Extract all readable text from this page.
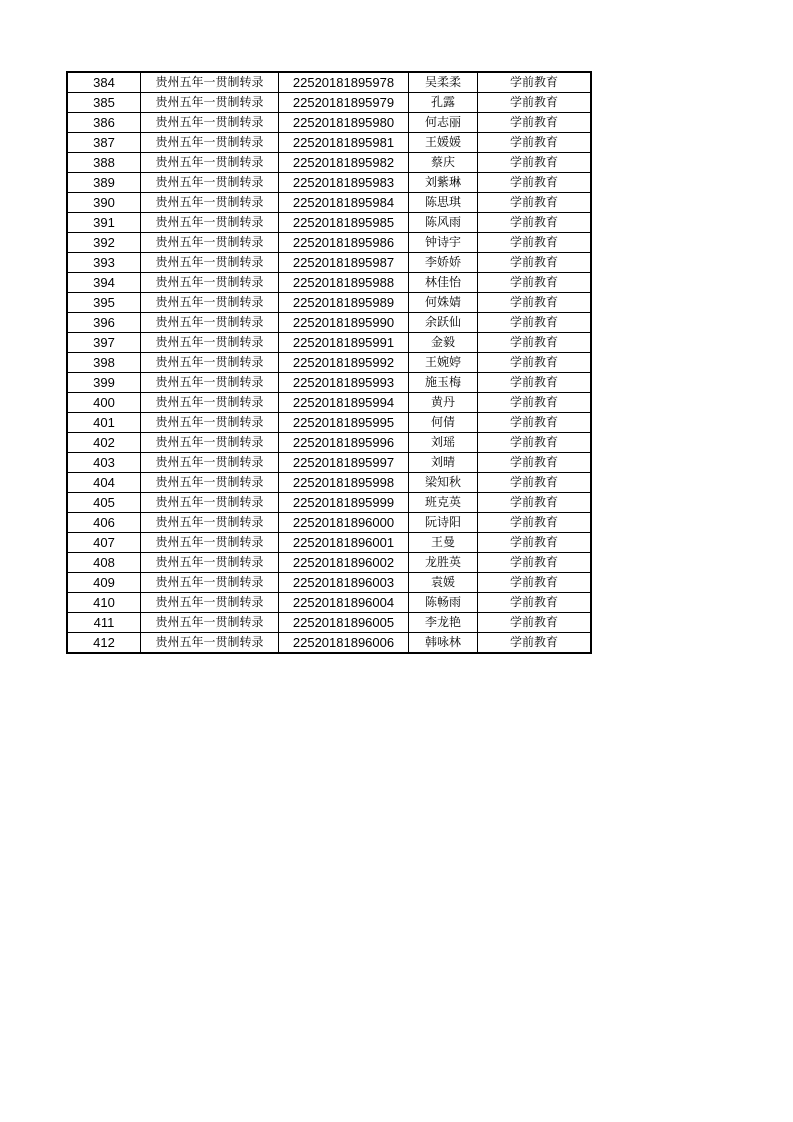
384	贵州五年一贯制转录	22520181895978	吴柔柔	学前教育
385	贵州五年一贯制转录	22520181895979	孔露	学前教育
386	贵州五年一贯制转录	22520181895980	何志丽	学前教育
387	贵州五年一贯制转录	22520181895981	王媛媛	学前教育
388	贵州五年一贯制转录	22520181895982	蔡庆	学前教育
389	贵州五年一贯制转录	22520181895983	刘紫琳	学前教育
390	贵州五年一贯制转录	22520181895984	陈思琪	学前教育
391	贵州五年一贯制转录	22520181895985	陈风雨	学前教育
392	贵州五年一贯制转录	22520181895986	钟诗宇	学前教育
393	贵州五年一贯制转录	22520181895987	李娇娇	学前教育
394	贵州五年一贯制转录	22520181895988	林佳怡	学前教育
395	贵州五年一贯制转录	22520181895989	何姝婧	学前教育
396	贵州五年一贯制转录	22520181895990	余跃仙	学前教育
397	贵州五年一贯制转录	22520181895991	金毅	学前教育
398	贵州五年一贯制转录	22520181895992	王婉婷	学前教育
399	贵州五年一贯制转录	22520181895993	施玉梅	学前教育
400	贵州五年一贯制转录	22520181895994	黄丹	学前教育
401	贵州五年一贯制转录	22520181895995	何倩	学前教育
402	贵州五年一贯制转录	22520181895996	刘瑶	学前教育
403	贵州五年一贯制转录	22520181895997	刘晴	学前教育
404	贵州五年一贯制转录	22520181895998	梁知秋	学前教育
405	贵州五年一贯制转录	22520181895999	班克英	学前教育
406	贵州五年一贯制转录	22520181896000	阮诗阳	学前教育
407	贵州五年一贯制转录	22520181896001	王曼	学前教育
408	贵州五年一贯制转录	22520181896002	龙胜英	学前教育
409	贵州五年一贯制转录	22520181896003	袁媛	学前教育
410	贵州五年一贯制转录	22520181896004	陈畅雨	学前教育
411	贵州五年一贯制转录	22520181896005	李龙艳	学前教育
412	贵州五年一贯制转录	22520181896006	韩咏林	学前教育
